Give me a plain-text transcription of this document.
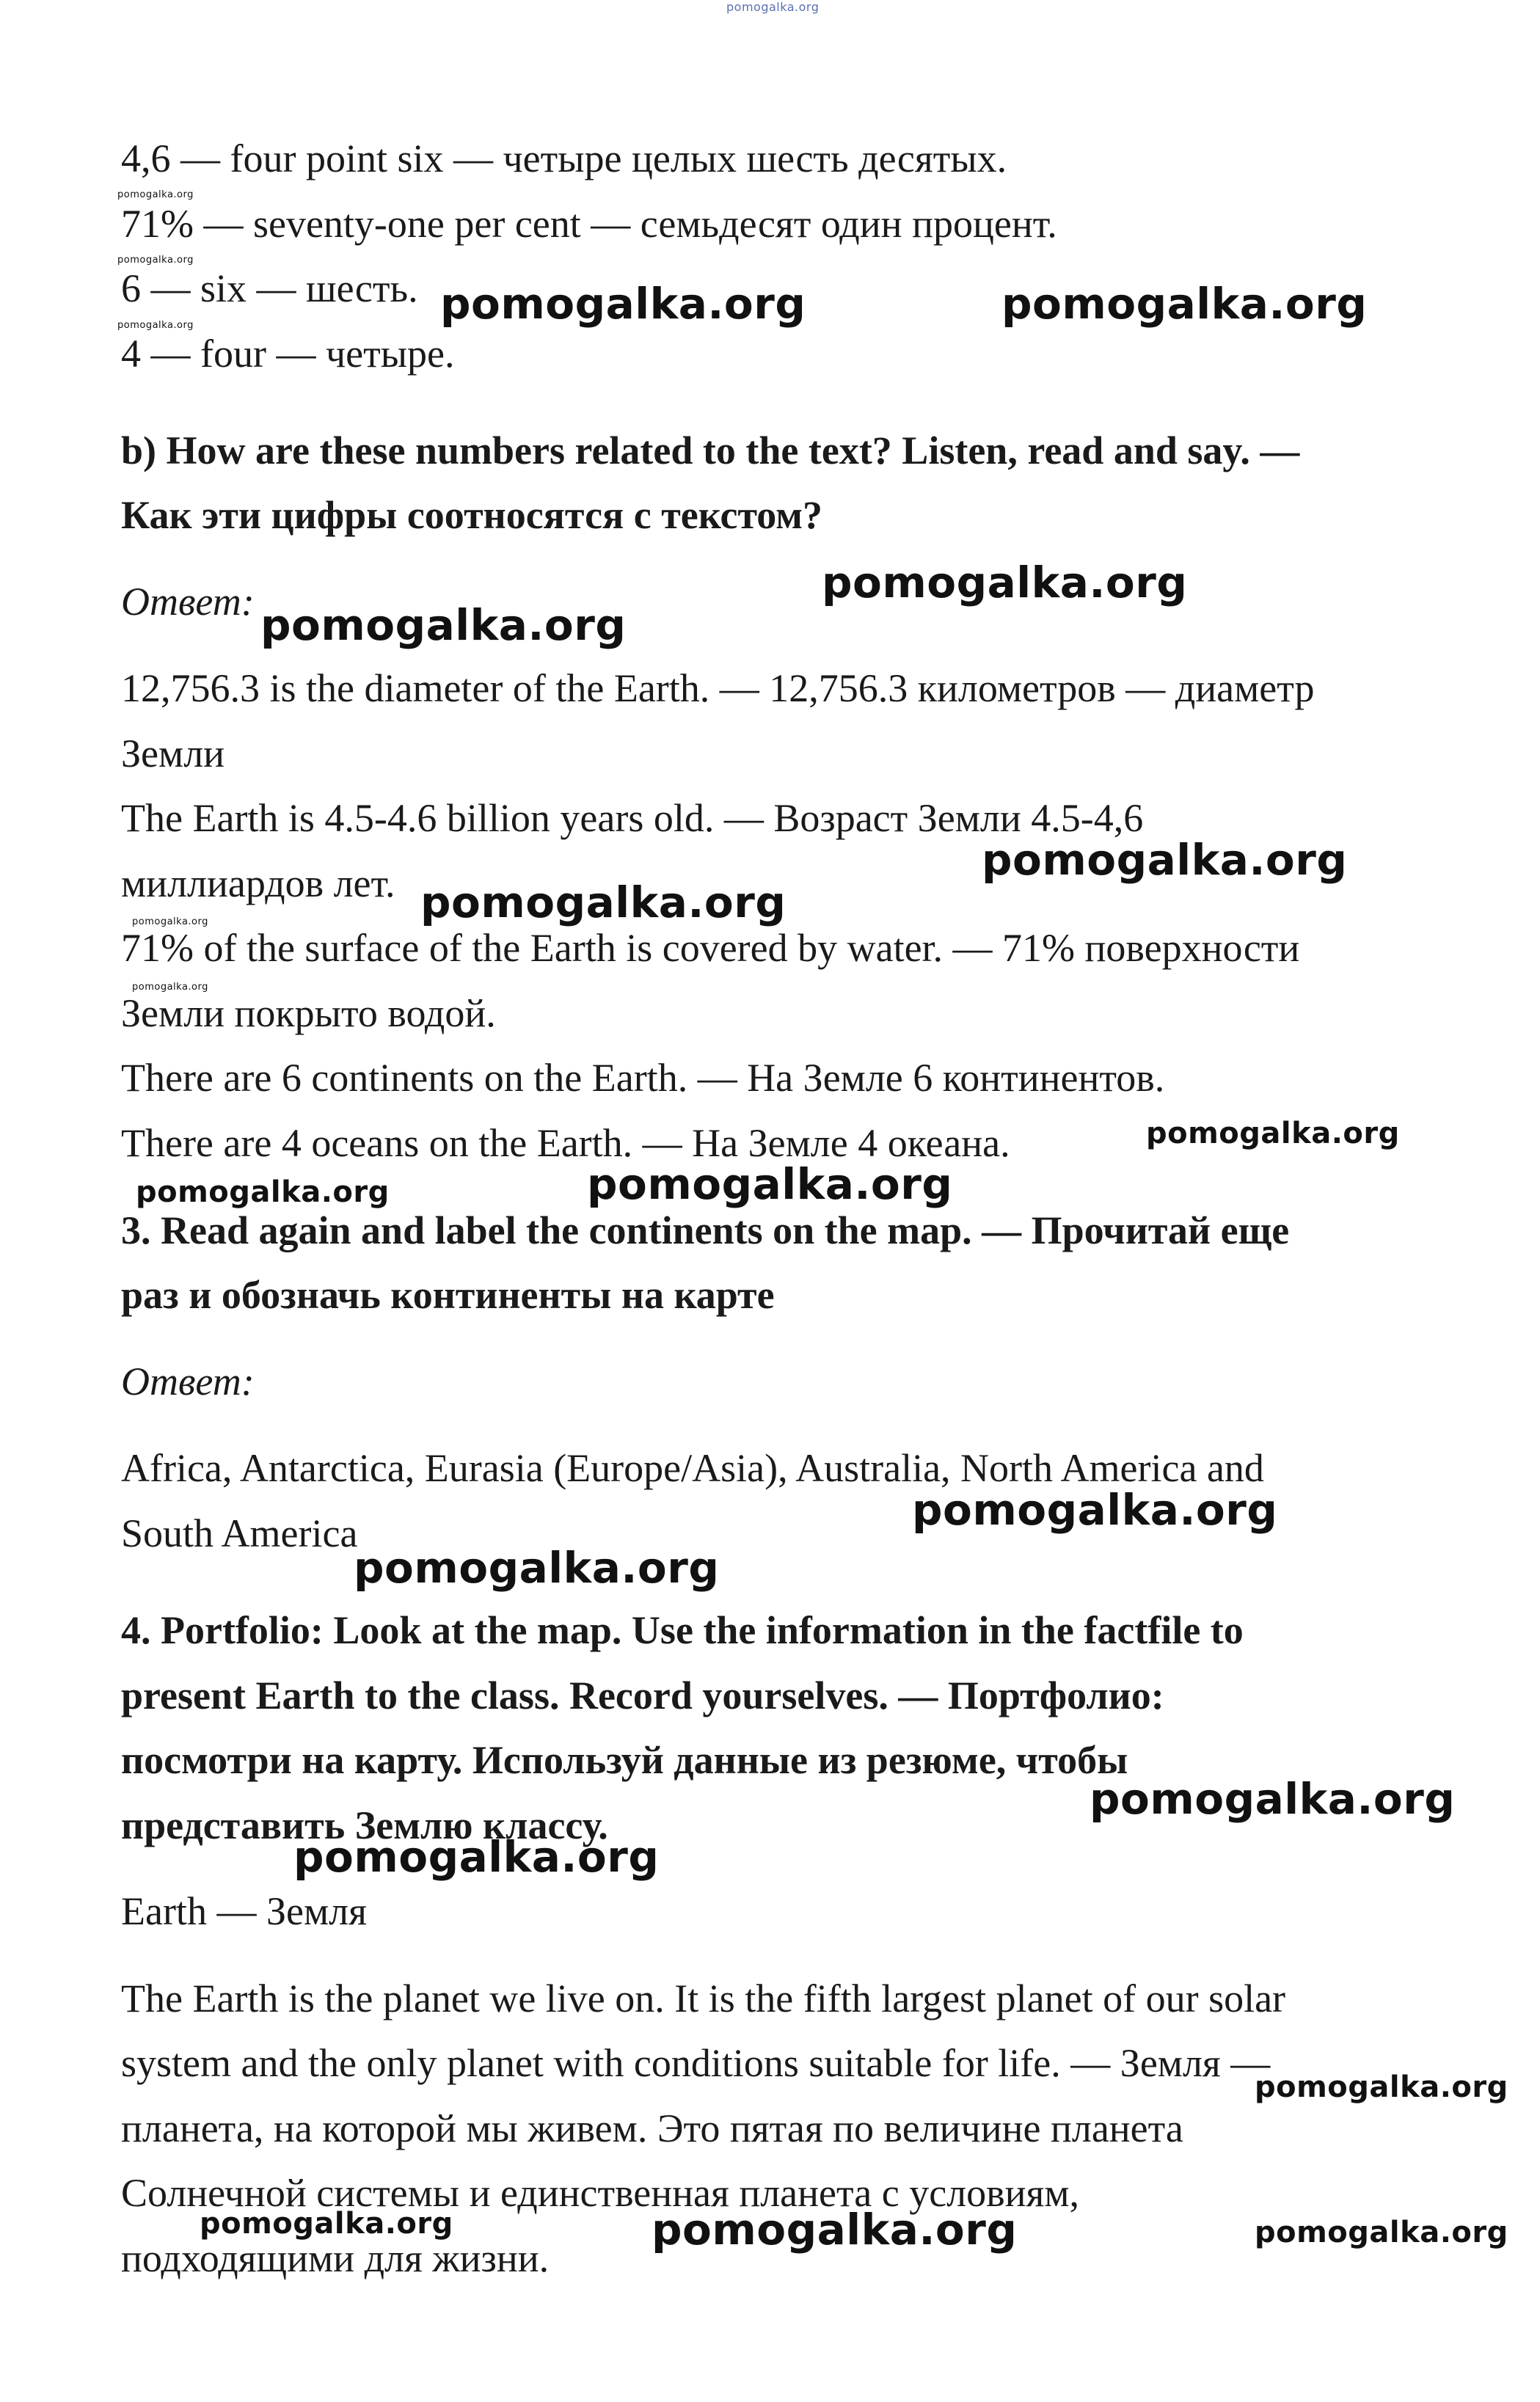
pomogalka.org
4,6 — four point six — четыре целых шесть десятых.
71% — seventy-one per cent — семьдесят один процент.
6 — six — шесть.
4 — four — четыре.
b) How are these numbers related to the text? Listen, read and say. —
Как эти цифры соотносятся с текстом?
Ответ:
12,756.3 is the diameter of the Earth. — 12,756.3 километров — диаметр
Земли
The Earth is 4.5-4.6 billion years old. — Возраст Земли 4.5-4,6
миллиардов лет.
71% of the surface of the Earth is covered by water. — 71% поверхности
Земли покрыто водой.
There are 6 continents on the Earth. — На Земле 6 континентов.
There are 4 oceans on the Earth. — На Земле 4 океана.
3. Read again and label the continents on the map. — Прочитай еще
раз и обозначь континенты на карте
Ответ:
Africa, Antarctica, Eurasia (Europe/Asia), Australia, North America and
South America
4. Portfolio: Look at the map. Use the information in the factfile to
present Earth to the class. Record yourselves. — Портфолио:
посмотри на карту. Используй данные из резюме, чтобы
представить Землю классу.
Earth — Земля
The Earth is the planet we live on. It is the fifth largest planet of our solar
system and the only planet with conditions suitable for life. — Земля —
планета, на которой мы живем. Это пятая по величине планета
Солнечной системы и единственная планета с условиям,
подходящими для жизни.
pomogalka.org
pomogalka.org
pomogalka.org	pomogalka.org	pomogalka.org
pomogalka.org
pomogalka.org
pomogalka.org
pomogalka.org
pomogalka.org
pomogalka.org
pomogalka.org
pomogalka.org	pomogalka.org
pomogalka.org
pomogalka.org
pomogalka.org
pomogalka.org
pomogalka.org
pomogalka.org	pomogalka.org	pomogalka.org
